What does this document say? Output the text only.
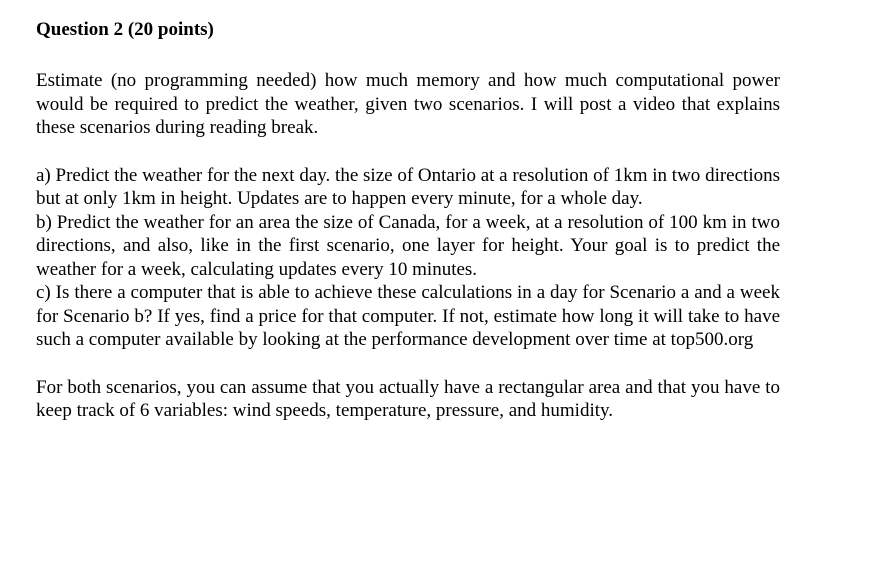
Question 2 (20 points)

Estimate (no programming needed) how much memory and how much computational power would be required to predict the weather, given two scenarios. I will post a video that explains these scenarios during reading break.

a) Predict the weather for the next day. the size of Ontario at a resolution of 1km in two directions but at only 1km in height. Updates are to happen every minute, for a whole day.

b) Predict the weather for an area the size of Canada, for a week, at a resolution of 100 km in two directions, and also, like in the first scenario, one layer for height. Your goal is to predict the weather for a week, calculating updates every 10 minutes.

c) Is there a computer that is able to achieve these calculations in a day for Scenario a and a week for Scenario b? If yes, find a price for that computer. If not, estimate how long it will take to have such a computer available by looking at the performance development over time at top500.org

For both scenarios, you can assume that you actually have a rectangular area and that you have to keep track of 6 variables: wind speeds, temperature, pressure, and humidity.
